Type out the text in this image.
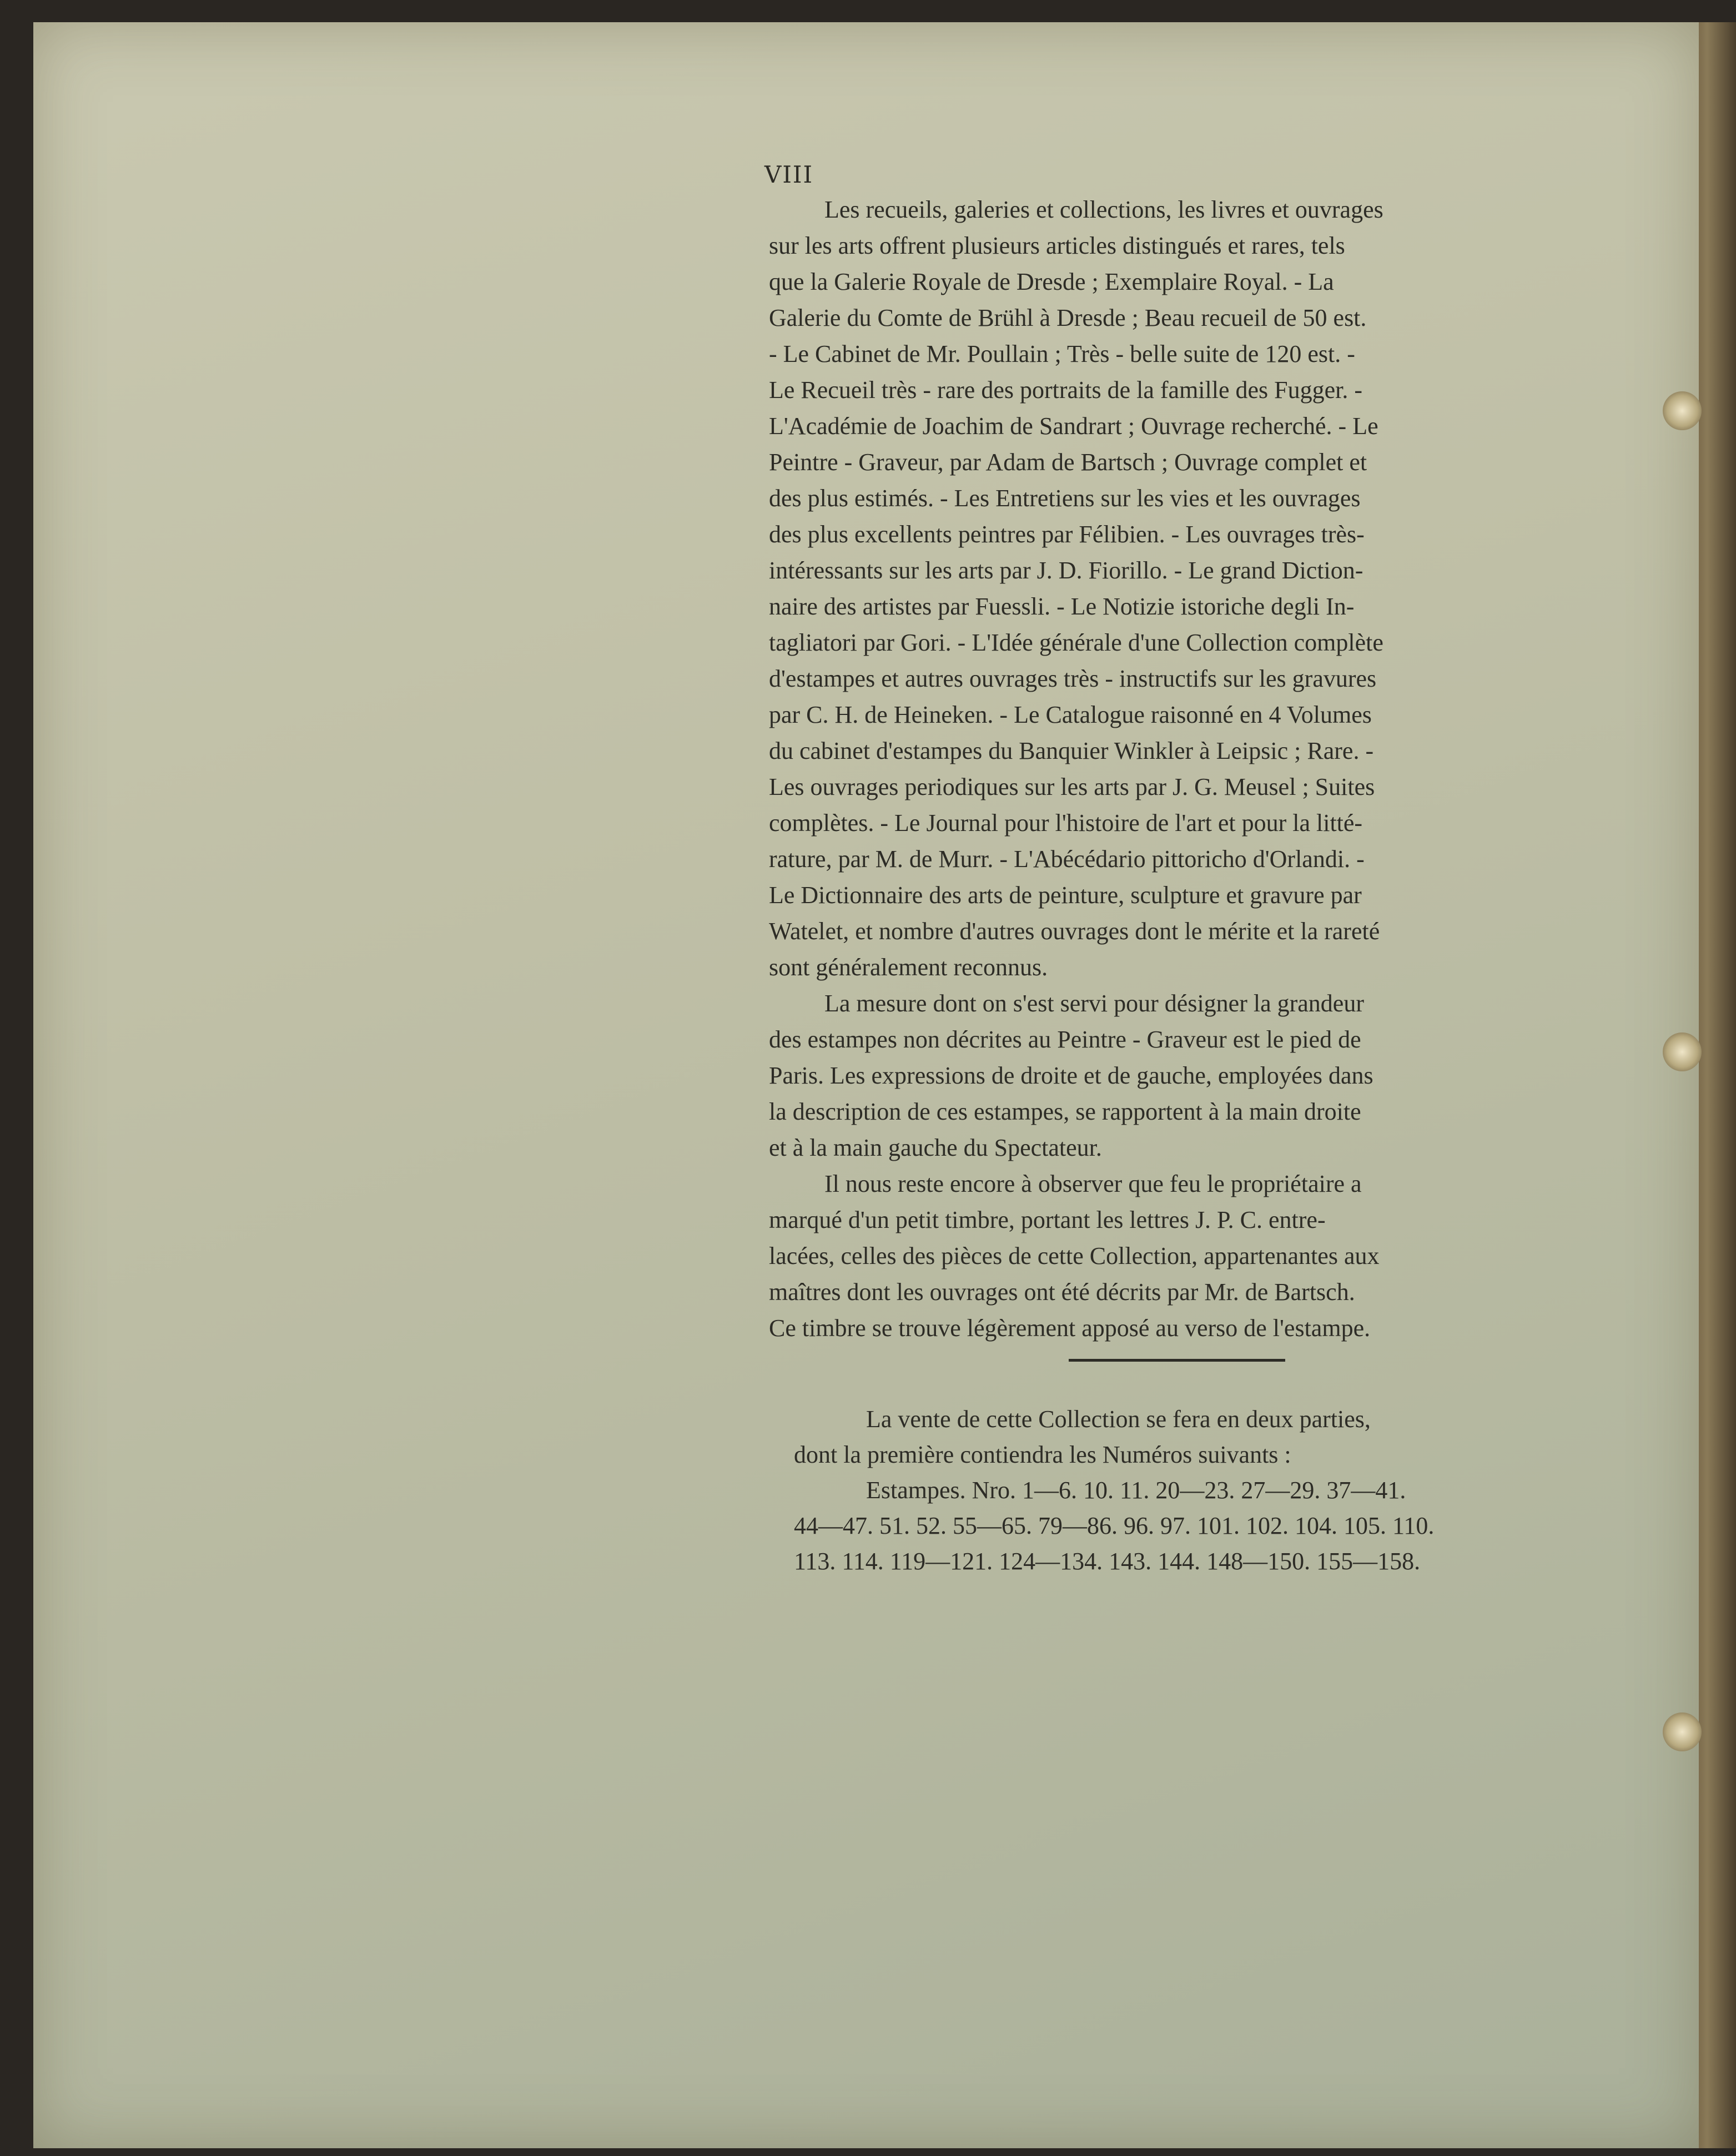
VIII

Les recueils, galeries et collections, les livres et ouvrages
sur les arts offrent plusieurs articles distingués et rares, tels
que la Galerie Royale de Dresde ; Exemplaire Royal. - La
Galerie du Comte de Brühl à Dresde ; Beau recueil de 50 est.
- Le Cabinet de Mr. Poullain ; Très - belle suite de 120 est. -
Le Recueil très - rare des portraits de la famille des Fugger. -
L'Académie de Joachim de Sandrart ; Ouvrage recherché. - Le
Peintre - Graveur, par Adam de Bartsch ; Ouvrage complet et
des plus estimés. - Les Entretiens sur les vies et les ouvrages
des plus excellents peintres par Félibien. - Les ouvrages très-
intéressants sur les arts par J. D. Fiorillo. - Le grand Diction-
naire des artistes par Fuessli. - Le Notizie istoriche degli In-
tagliatori par Gori. - L'Idée générale d'une Collection complète
d'estampes et autres ouvrages très - instructifs sur les gravures
par C. H. de Heineken. - Le Catalogue raisonné en 4 Volumes
du cabinet d'estampes du Banquier Winkler à Leipsic ; Rare. -
Les ouvrages periodiques sur les arts par J. G. Meusel ; Suites
complètes. - Le Journal pour l'histoire de l'art et pour la litté-
rature, par M. de Murr. - L'Abécédario pittoricho d'Orlandi. -
Le Dictionnaire des arts de peinture, sculpture et gravure par
Watelet, et nombre d'autres ouvrages dont le mérite et la rareté
sont généralement reconnus.

La mesure dont on s'est servi pour désigner la grandeur
des estampes non décrites au Peintre - Graveur est le pied de
Paris. Les expressions de droite et de gauche, employées dans
la description de ces estampes, se rapportent à la main droite
et à la main gauche du Spectateur.

Il nous reste encore à observer que feu le propriétaire a
marqué d'un petit timbre, portant les lettres J. P. C. entre-
lacées, celles des pièces de cette Collection, appartenantes aux
maîtres dont les ouvrages ont été décrits par Mr. de Bartsch.
Ce timbre se trouve légèrement apposé au verso de l'estampe.

La vente de cette Collection se fera en deux parties,
dont la première contiendra les Numéros suivants :

Estampes. Nro. 1—6. 10. 11. 20—23. 27—29. 37—41.
44—47. 51. 52. 55—65. 79—86. 96. 97. 101. 102. 104. 105. 110.
113. 114. 119—121. 124—134. 143. 144. 148—150. 155—158.
